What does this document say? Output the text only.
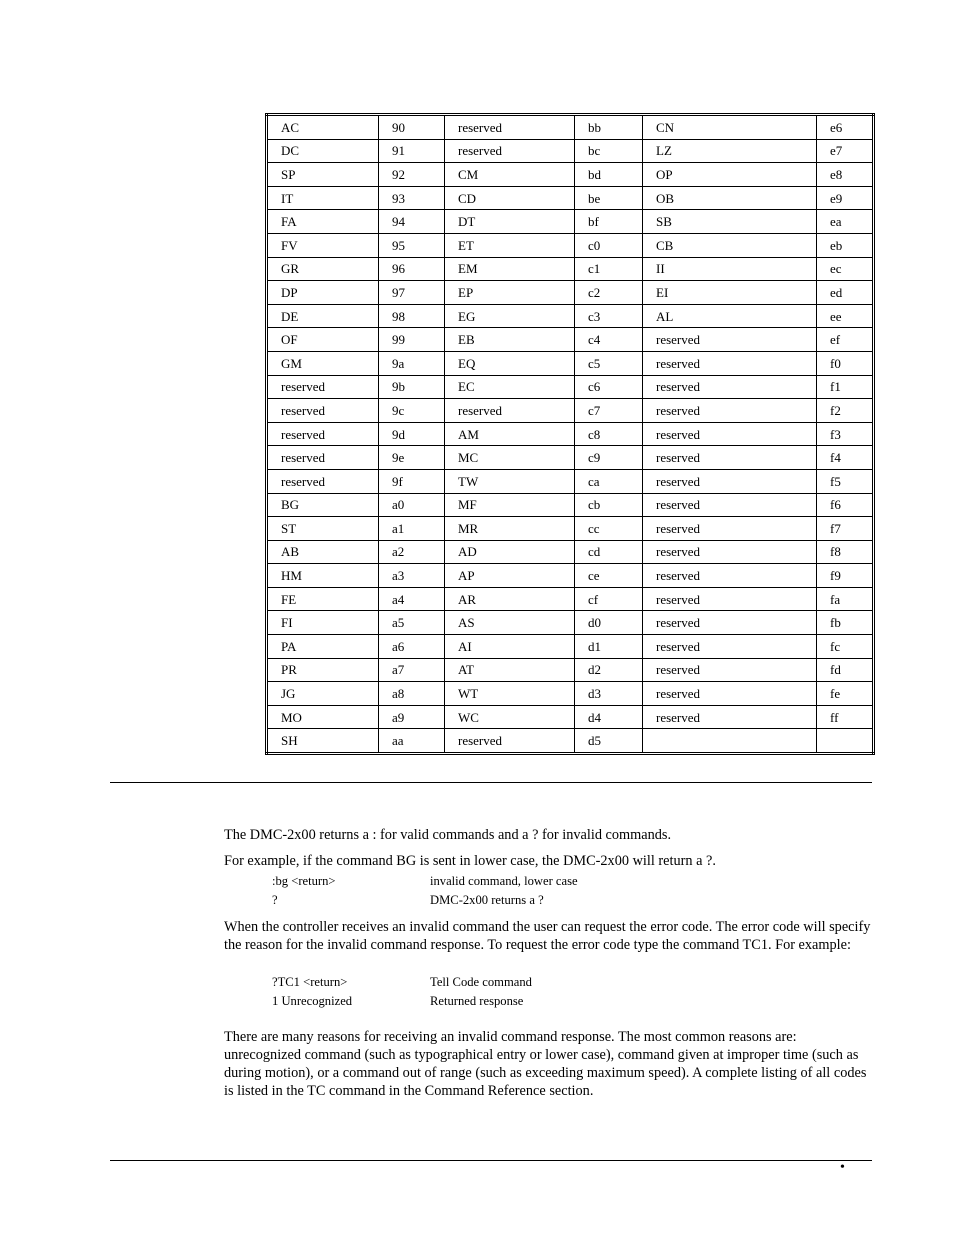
AC	90	reserved	bb	CN	e6
DC	91	reserved	bc	LZ	e7
SP	92	CM	bd	OP	e8
IT	93	CD	be	OB	e9
FA	94	DT	bf	SB	ea
FV	95	ET	c0	CB	eb
GR	96	EM	c1	II	ec
DP	97	EP	c2	EI	ed
DE	98	EG	c3	AL	ee
OF	99	EB	c4	reserved	ef
GM	9a	EQ	c5	reserved	f0
reserved	9b	EC	c6	reserved	f1
reserved	9c	reserved	c7	reserved	f2
reserved	9d	AM	c8	reserved	f3
reserved	9e	MC	c9	reserved	f4
reserved	9f	TW	ca	reserved	f5
BG	a0	MF	cb	reserved	f6
ST	a1	MR	cc	reserved	f7
AB	a2	AD	cd	reserved	f8
HM	a3	AP	ce	reserved	f9
FE	a4	AR	cf	reserved	fa
FI	a5	AS	d0	reserved	fb
PA	a6	AI	d1	reserved	fc
PR	a7	AT	d2	reserved	fd
JG	a8	WT	d3	reserved	fe
MO	a9	WC	d4	reserved	ff
SH	aa	reserved	d5		

The DMC-2x00 returns a : for valid commands and a ? for invalid commands.

For example, if the command BG is sent in lower case, the DMC-2x00 will return a ?.

:bg <return>	invalid command, lower case
?	DMC-2x00 returns a ?

When the controller receives an invalid command the user can request the error code. The error code will specify the reason for the invalid command response. To request the error code type the command TC1. For example:

?TC1 <return>	Tell Code command
1 Unrecognized	Returned response

There are many reasons for receiving an invalid command response. The most common reasons are: unrecognized command (such as typographical entry or lower case), command given at improper time (such as during motion), or a command out of range (such as exceeding maximum speed). A complete listing of all codes is listed in the TC command in the Command Reference section.

•
